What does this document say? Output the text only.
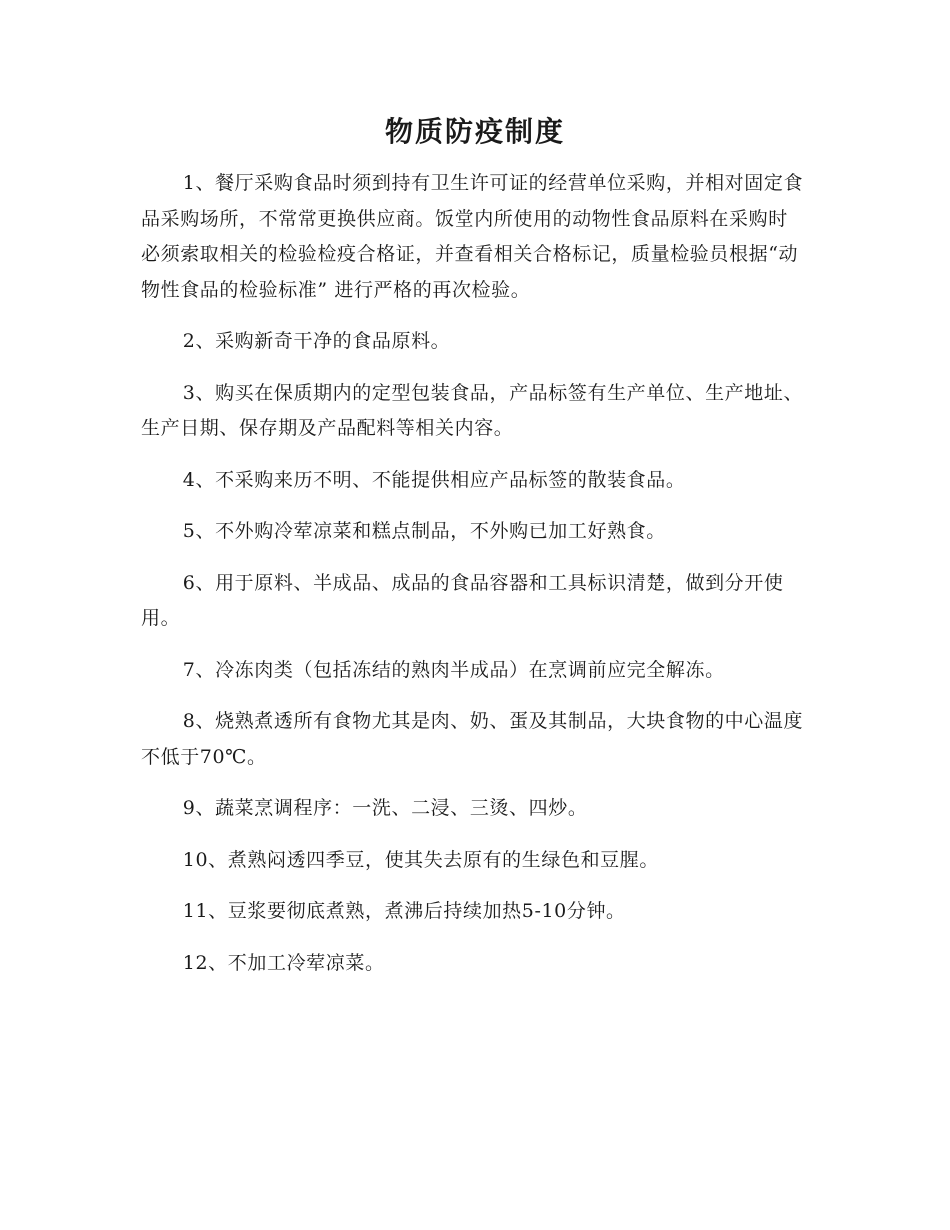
物质防疫制度

1、餐厅采购食品时须到持有卫生许可证的经营单位采购，并相对固定食品采购场所，不常常更换供应商。饭堂内所使用的动物性食品原料在采购时必须索取相关的检验检疫合格证，并查看相关合格标记，质量检验员根据“动物性食品的检验标准” 进行严格的再次检验。

2、采购新奇干净的食品原料。

3、购买在保质期内的定型包装食品，产品标签有生产单位、生产地址、生产日期、保存期及产品配料等相关内容。

4、不采购来历不明、不能提供相应产品标签的散装食品。

5、不外购冷荤凉菜和糕点制品，不外购已加工好熟食。

6、用于原料、半成品、成品的食品容器和工具标识清楚，做到分开使用。

7、冷冻肉类（包括冻结的熟肉半成品）在烹调前应完全解冻。

8、烧熟煮透所有食物尤其是肉、奶、蛋及其制品，大块食物的中心温度不低于70℃。

9、蔬菜烹调程序：一洗、二浸、三烫、四炒。

10、煮熟闷透四季豆，使其失去原有的生绿色和豆腥。

11、豆浆要彻底煮熟，煮沸后持续加热5-10分钟。

12、不加工冷荤凉菜。
